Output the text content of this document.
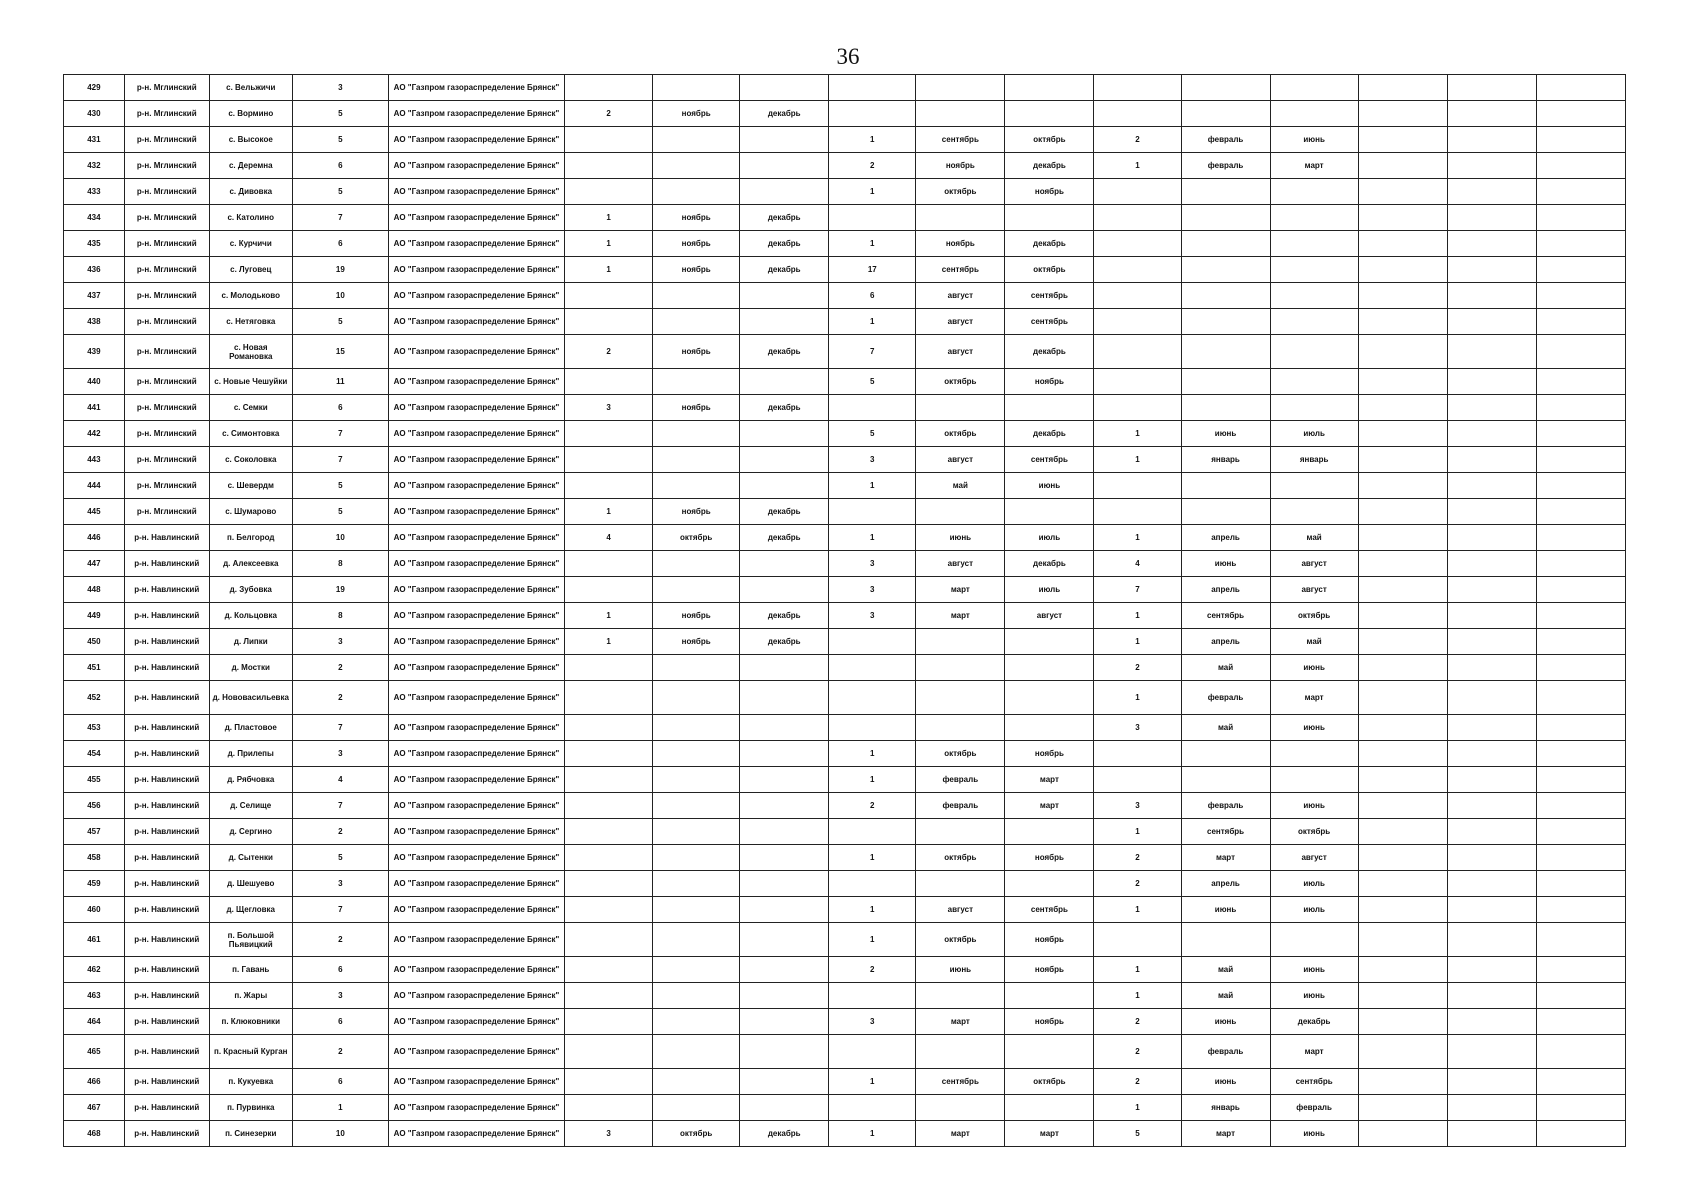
36
429	р-н. Мглинский	с. Вельжичи	3	АО "Газпром газораспределение Брянск"												
430	р-н. Мглинский	с. Вормино	5	АО "Газпром газораспределение Брянск"	2	ноябрь	декабрь									
431	р-н. Мглинский	с. Высокое	5	АО "Газпром газораспределение Брянск"				1	сентябрь	октябрь	2	февраль	июнь			
432	р-н. Мглинский	с. Деремна	6	АО "Газпром газораспределение Брянск"				2	ноябрь	декабрь	1	февраль	март			
433	р-н. Мглинский	с. Дивовка	5	АО "Газпром газораспределение Брянск"				1	октябрь	ноябрь						
434	р-н. Мглинский	с. Католино	7	АО "Газпром газораспределение Брянск"	1	ноябрь	декабрь									
435	р-н. Мглинский	с. Курчичи	6	АО "Газпром газораспределение Брянск"	1	ноябрь	декабрь	1	ноябрь	декабрь						
436	р-н. Мглинский	с. Луговец	19	АО "Газпром газораспределение Брянск"	1	ноябрь	декабрь	17	сентябрь	октябрь						
437	р-н. Мглинский	с. Молодьково	10	АО "Газпром газораспределение Брянск"				6	август	сентябрь						
438	р-н. Мглинский	с. Нетяговка	5	АО "Газпром газораспределение Брянск"				1	август	сентябрь						
439	р-н. Мглинский	с. Новая Романовка	15	АО "Газпром газораспределение Брянск"	2	ноябрь	декабрь	7	август	декабрь						
440	р-н. Мглинский	с. Новые Чешуйки	11	АО "Газпром газораспределение Брянск"				5	октябрь	ноябрь						
441	р-н. Мглинский	с. Семки	6	АО "Газпром газораспределение Брянск"	3	ноябрь	декабрь									
442	р-н. Мглинский	с. Симонтовка	7	АО "Газпром газораспределение Брянск"				5	октябрь	декабрь	1	июнь	июль			
443	р-н. Мглинский	с. Соколовка	7	АО "Газпром газораспределение Брянск"				3	август	сентябрь	1	январь	январь			
444	р-н. Мглинский	с. Шевердм	5	АО "Газпром газораспределение Брянск"				1	май	июнь						
445	р-н. Мглинский	с. Шумарово	5	АО "Газпром газораспределение Брянск"	1	ноябрь	декабрь									
446	р-н. Навлинский	п. Белгород	10	АО "Газпром газораспределение Брянск"	4	октябрь	декабрь	1	июнь	июль	1	апрель	май			
447	р-н. Навлинский	д. Алексеевка	8	АО "Газпром газораспределение Брянск"				3	август	декабрь	4	июнь	август			
448	р-н. Навлинский	д. Зубовка	19	АО "Газпром газораспределение Брянск"				3	март	июль	7	апрель	август			
449	р-н. Навлинский	д. Кольцовка	8	АО "Газпром газораспределение Брянск"	1	ноябрь	декабрь	3	март	август	1	сентябрь	октябрь			
450	р-н. Навлинский	д. Липки	3	АО "Газпром газораспределение Брянск"	1	ноябрь	декабрь				1	апрель	май			
451	р-н. Навлинский	д. Мостки	2	АО "Газпром газораспределение Брянск"							2	май	июнь			
452	р-н. Навлинский	д. Нововасильевка	2	АО "Газпром газораспределение Брянск"							1	февраль	март			
453	р-н. Навлинский	д. Пластовое	7	АО "Газпром газораспределение Брянск"							3	май	июнь			
454	р-н. Навлинский	д. Прилепы	3	АО "Газпром газораспределение Брянск"				1	октябрь	ноябрь						
455	р-н. Навлинский	д. Рябчовка	4	АО "Газпром газораспределение Брянск"				1	февраль	март						
456	р-н. Навлинский	д. Селище	7	АО "Газпром газораспределение Брянск"				2	февраль	март	3	февраль	июнь			
457	р-н. Навлинский	д. Сергино	2	АО "Газпром газораспределение Брянск"							1	сентябрь	октябрь			
458	р-н. Навлинский	д. Сытенки	5	АО "Газпром газораспределение Брянск"				1	октябрь	ноябрь	2	март	август			
459	р-н. Навлинский	д. Шешуево	3	АО "Газпром газораспределение Брянск"							2	апрель	июль			
460	р-н. Навлинский	д. Щегловка	7	АО "Газпром газораспределение Брянск"				1	август	сентябрь	1	июнь	июль			
461	р-н. Навлинский	п. Большой Пьявицкий	2	АО "Газпром газораспределение Брянск"				1	октябрь	ноябрь						
462	р-н. Навлинский	п. Гавань	6	АО "Газпром газораспределение Брянск"				2	июнь	ноябрь	1	май	июнь			
463	р-н. Навлинский	п. Жары	3	АО "Газпром газораспределение Брянск"							1	май	июнь			
464	р-н. Навлинский	п. Клюковники	6	АО "Газпром газораспределение Брянск"				3	март	ноябрь	2	июнь	декабрь			
465	р-н. Навлинский	п. Красный Курган	2	АО "Газпром газораспределение Брянск"							2	февраль	март			
466	р-н. Навлинский	п. Кукуевка	6	АО "Газпром газораспределение Брянск"				1	сентябрь	октябрь	2	июнь	сентябрь			
467	р-н. Навлинский	п. Пурвинка	1	АО "Газпром газораспределение Брянск"							1	январь	февраль			
468	р-н. Навлинский	п. Синезерки	10	АО "Газпром газораспределение Брянск"	3	октябрь	декабрь	1	март	март	5	март	июнь			
